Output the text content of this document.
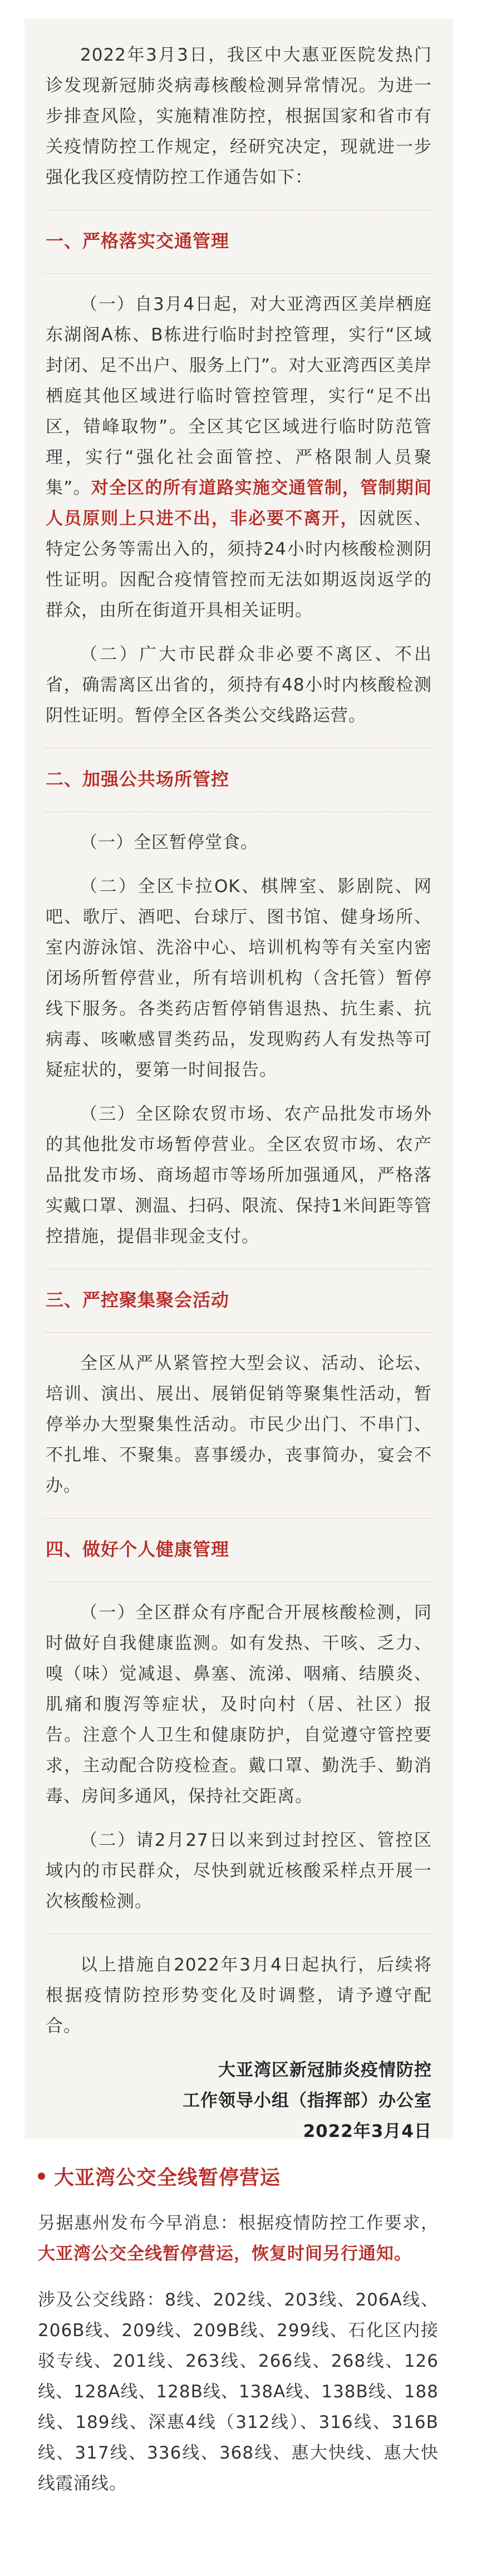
2022年3月3日，我区中大惠亚医院发热门诊发现新冠肺炎病毒核酸检测异常情况。为进一步排查风险，实施精准防控，根据国家和省市有关疫情防控工作规定，经研究决定，现就进一步强化我区疫情防控工作通告如下：

一、严格落实交通管理

（一）自3月4日起，对大亚湾西区美岸栖庭东湖阁A栋、B栋进行临时封控管理，实行“区域封闭、足不出户、服务上门”。对大亚湾西区美岸栖庭其他区域进行临时管控管理，实行“足不出区，错峰取物”。全区其它区域进行临时防范管理，实行“强化社会面管控、严格限制人员聚集”。对全区的所有道路实施交通管制，管制期间人员原则上只进不出，非必要不离开，因就医、特定公务等需出入的，须持24小时内核酸检测阴性证明。因配合疫情管控而无法如期返岗返学的群众，由所在街道开具相关证明。

（二）广大市民群众非必要不离区、不出省，确需离区出省的，须持有48小时内核酸检测阴性证明。暂停全区各类公交线路运营。

二、加强公共场所管控

（一）全区暂停堂食。

（二）全区卡拉OK、棋牌室、影剧院、网吧、歌厅、酒吧、台球厅、图书馆、健身场所、室内游泳馆、洗浴中心、培训机构等有关室内密闭场所暂停营业，所有培训机构（含托管）暂停线下服务。各类药店暂停销售退热、抗生素、抗病毒、咳嗽感冒类药品，发现购药人有发热等可疑症状的，要第一时间报告。

（三）全区除农贸市场、农产品批发市场外的其他批发市场暂停营业。全区农贸市场、农产品批发市场、商场超市等场所加强通风，严格落实戴口罩、测温、扫码、限流、保持1米间距等管控措施，提倡非现金支付。

三、严控聚集聚会活动

全区从严从紧管控大型会议、活动、论坛、培训、演出、展出、展销促销等聚集性活动，暂停举办大型聚集性活动。市民少出门、不串门、不扎堆、不聚集。喜事缓办，丧事简办，宴会不办。

四、做好个人健康管理

（一）全区群众有序配合开展核酸检测，同时做好自我健康监测。如有发热、干咳、乏力、嗅（味）觉减退、鼻塞、流涕、咽痛、结膜炎、肌痛和腹泻等症状，及时向村（居、社区）报告。注意个人卫生和健康防护，自觉遵守管控要求，主动配合防疫检查。戴口罩、勤洗手、勤消毒、房间多通风，保持社交距离。

（二）请2月27日以来到过封控区、管控区域内的市民群众，尽快到就近核酸采样点开展一次核酸检测。

以上措施自2022年3月4日起执行，后续将根据疫情防控形势变化及时调整，请予遵守配合。

大亚湾区新冠肺炎疫情防控

工作领导小组（指挥部）办公室

2022年3月4日

大亚湾公交全线暂停营运

另据惠州发布今早消息：根据疫情防控工作要求，大亚湾公交全线暂停营运，恢复时间另行通知。

涉及公交线路：8线、202线、203线、206A线、206B线、209线、209B线、299线、石化区内接驳专线、201线、263线、266线、268线、126线、128A线、128B线、138A线、138B线、188线、189线、深惠4线（312线）、316线、316B线、317线、336线、368线、惠大快线、惠大快线霞涌线。
